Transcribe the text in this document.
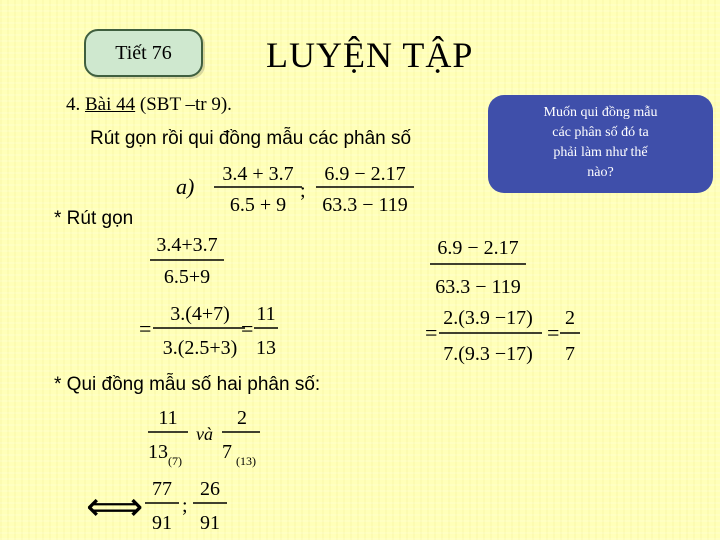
Tiết 76	LUYỆN TẬP
4. Bài 44 (SBT –tr 9).
Rút gọn rồi qui đồng mẫu các phân số
Muốn qui đồng mẫu
các phân số đó ta
phải làm như thế
nào?
* Rút gọn
* Qui đồng mẫu số hai phân số:
a) 3.4 + 3.7
6.5 + 9
;
6.9 − 2.17
63.3 − 119
3.4+3.7
6.5+9
=
3.(4+7)
3.(2.5+3)
=
11
13
6.9 − 2.17
63.3 − 119
=
2.(3.9 −17)
7.(9.3 −17)
=
2
7
11
13 (7)
và
2
7 (13)
⟺ 77
91
;
26
91
